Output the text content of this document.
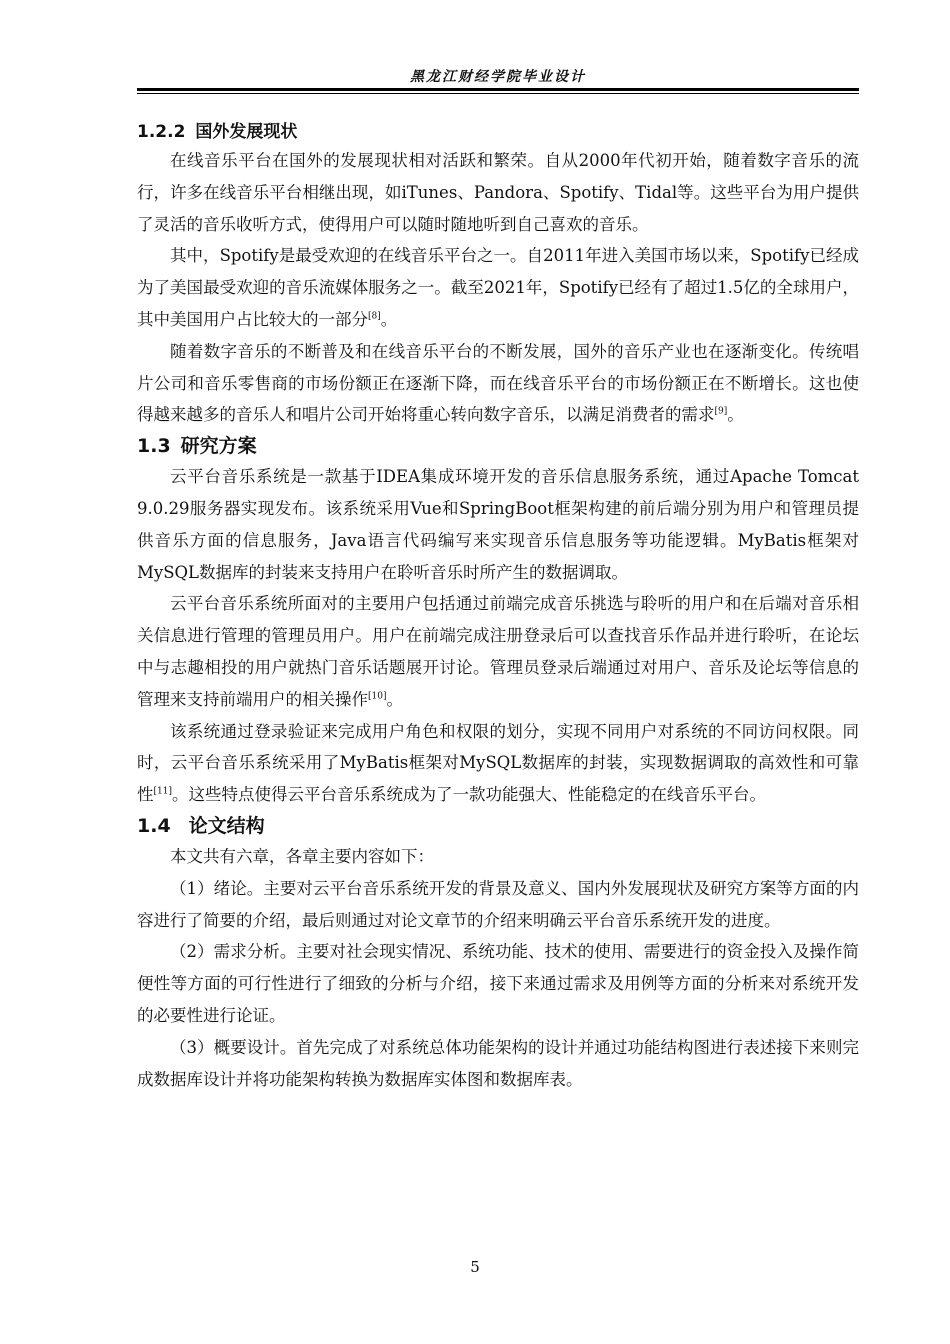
黑龙江财经学院毕业设计
1.2.2 国外发展现状

在线音乐平台在国外的发展现状相对活跃和繁荣。自从2000年代初开始，随着数字音乐的流行，许多在线音乐平台相继出现，如iTunes、Pandora、Spotify、Tidal等。这些平台为用户提供了灵活的音乐收听方式，使得用户可以随时随地听到自己喜欢的音乐。

其中，Spotify是最受欢迎的在线音乐平台之一。自2011年进入美国市场以来，Spotify已经成为了美国最受欢迎的音乐流媒体服务之一。截至2021年，Spotify已经有了超过1.5亿的全球用户，其中美国用户占比较大的一部分[8]。

随着数字音乐的不断普及和在线音乐平台的不断发展，国外的音乐产业也在逐渐变化。传统唱片公司和音乐零售商的市场份额正在逐渐下降，而在线音乐平台的市场份额正在不断增长。这也使得越来越多的音乐人和唱片公司开始将重心转向数字音乐，以满足消费者的需求[9]。

1.3 研究方案

云平台音乐系统是一款基于IDEA集成环境开发的音乐信息服务系统，通过Apache Tomcat 9.0.29服务器实现发布。该系统采用Vue和SpringBoot框架构建的前后端分别为用户和管理员提供音乐方面的信息服务，Java语言代码编写来实现音乐信息服务等功能逻辑。MyBatis框架对MySQL数据库的封装来支持用户在聆听音乐时所产生的数据调取。

云平台音乐系统所面对的主要用户包括通过前端完成音乐挑选与聆听的用户和在后端对音乐相关信息进行管理的管理员用户。用户在前端完成注册登录后可以查找音乐作品并进行聆听，在论坛中与志趣相投的用户就热门音乐话题展开讨论。管理员登录后端通过对用户、音乐及论坛等信息的管理来支持前端用户的相关操作[10]。

该系统通过登录验证来完成用户角色和权限的划分，实现不同用户对系统的不同访问权限。同时，云平台音乐系统采用了MyBatis框架对MySQL数据库的封装，实现数据调取的高效性和可靠性[11]。这些特点使得云平台音乐系统成为了一款功能强大、性能稳定的在线音乐平台。

1.4 论文结构

本文共有六章，各章主要内容如下：

（1）绪论。主要对云平台音乐系统开发的背景及意义、国内外发展现状及研究方案等方面的内容进行了简要的介绍，最后则通过对论文章节的介绍来明确云平台音乐系统开发的进度。

（2）需求分析。主要对社会现实情况、系统功能、技术的使用、需要进行的资金投入及操作简便性等方面的可行性进行了细致的分析与介绍，接下来通过需求及用例等方面的分析来对系统开发的必要性进行论证。

（3）概要设计。首先完成了对系统总体功能架构的设计并通过功能结构图进行表述接下来则完成数据库设计并将功能架构转换为数据库实体图和数据库表。

5
